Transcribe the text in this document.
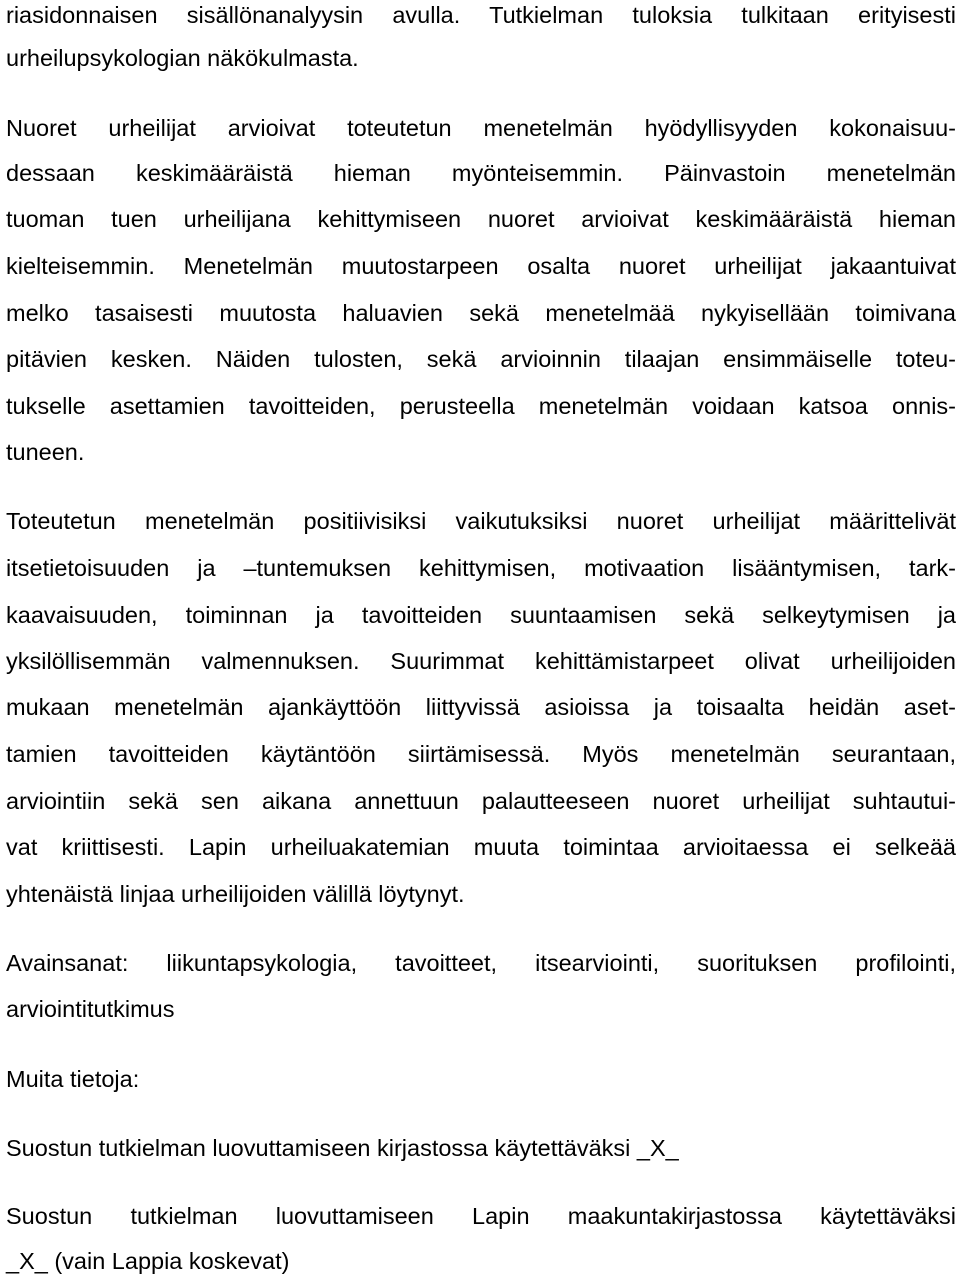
riasidonnaisen sisällönanalyysin avulla. Tutkielman tuloksia tulkitaan erityisesti
urheilupsykologian näkökulmasta.
Nuoret urheilijat arvioivat toteutetun menetelmän hyödyllisyyden kokonaisuu-
dessaan keskimääräistä hieman myönteisemmin. Päinvastoin menetelmän
tuoman tuen urheilijana kehittymiseen nuoret arvioivat keskimääräistä hieman
kielteisemmin. Menetelmän muutostarpeen osalta nuoret urheilijat jakaantuivat
melko tasaisesti muutosta haluavien sekä menetelmää nykyisellään toimivana
pitävien kesken. Näiden tulosten, sekä arvioinnin tilaajan ensimmäiselle toteu-
tukselle asettamien tavoitteiden, perusteella menetelmän voidaan katsoa onnis-
tuneen.
Toteutetun menetelmän positiivisiksi vaikutuksiksi nuoret urheilijat määrittelivät
itsetietoisuuden ja –tuntemuksen kehittymisen, motivaation lisääntymisen, tark-
kaavaisuuden, toiminnan ja tavoitteiden suuntaamisen sekä selkeytymisen ja
yksilöllisemmän valmennuksen. Suurimmat kehittämistarpeet olivat urheilijoiden
mukaan menetelmän ajankäyttöön liittyvissä asioissa ja toisaalta heidän aset-
tamien tavoitteiden käytäntöön siirtämisessä. Myös menetelmän seurantaan,
arviointiin sekä sen aikana annettuun palautteeseen nuoret urheilijat suhtautui-
vat kriittisesti. Lapin urheiluakatemian muuta toimintaa arvioitaessa ei selkeää
yhtenäistä linjaa urheilijoiden välillä löytynyt.
Avainsanat: liikuntapsykologia, tavoitteet, itsearviointi, suorituksen profilointi,
arviointitutkimus
Muita tietoja:
Suostun tutkielman luovuttamiseen kirjastossa käytettäväksi _X_
Suostun tutkielman luovuttamiseen Lapin maakuntakirjastossa käytettäväksi
_X_ (vain Lappia koskevat)
